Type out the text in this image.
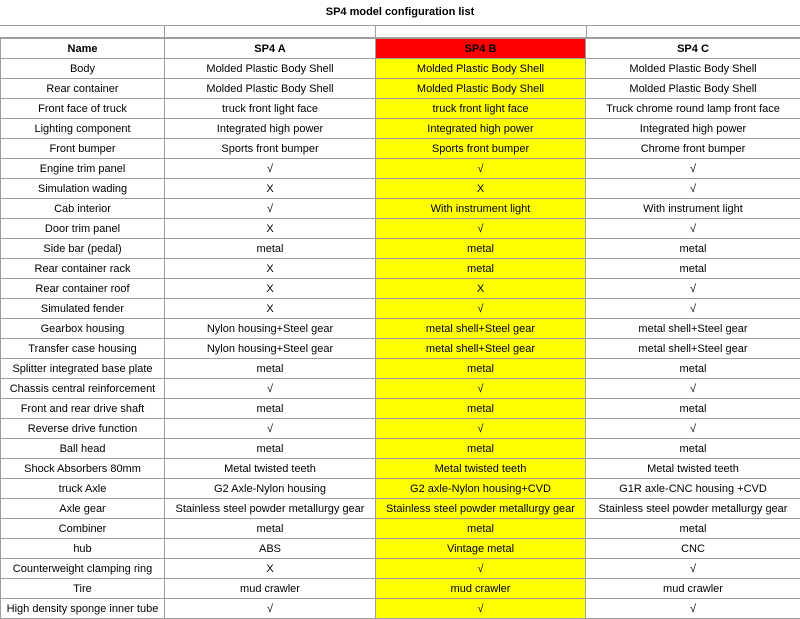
SP4 model configuration list
Name	SP4 A	SP4 B	SP4 C
Body	Molded Plastic Body Shell	Molded Plastic Body Shell	Molded Plastic Body Shell
Rear container	Molded Plastic Body Shell	Molded Plastic Body Shell	Molded Plastic Body Shell
Front face of truck	truck front light face	truck front light face	Truck chrome round lamp front face
Lighting component	Integrated high power	Integrated high power	Integrated high power
Front bumper	Sports front bumper	Sports front bumper	Chrome front bumper
Engine trim panel	√	√	√
Simulation wading	X	X	√
Cab interior	√	With instrument light	With instrument light
Door trim panel	X	√	√
Side bar (pedal)	metal	metal	metal
Rear container rack	X	metal	metal
Rear container roof	X	X	√
Simulated fender	X	√	√
Gearbox housing	Nylon housing+Steel gear	metal shell+Steel gear	metal shell+Steel gear
Transfer case housing	Nylon housing+Steel gear	metal shell+Steel gear	metal shell+Steel gear
Splitter integrated base plate	metal	metal	metal
Chassis central reinforcement	√	√	√
Front and rear drive shaft	metal	metal	metal
Reverse drive function	√	√	√
Ball head	metal	metal	metal
Shock Absorbers 80mm	Metal twisted teeth	Metal twisted teeth	Metal twisted teeth
truck Axle	G2 Axle-Nylon housing	G2 axle-Nylon housing+CVD	G1R axle-CNC housing +CVD
Axle gear	Stainless steel powder metallurgy gear	Stainless steel powder metallurgy gear	Stainless steel powder metallurgy gear
Combiner	metal	metal	metal
hub	ABS	Vintage metal	CNC
Counterweight clamping ring	X	√	√
Tire	mud crawler	mud crawler	mud crawler
High density sponge inner tube	√	√	√
